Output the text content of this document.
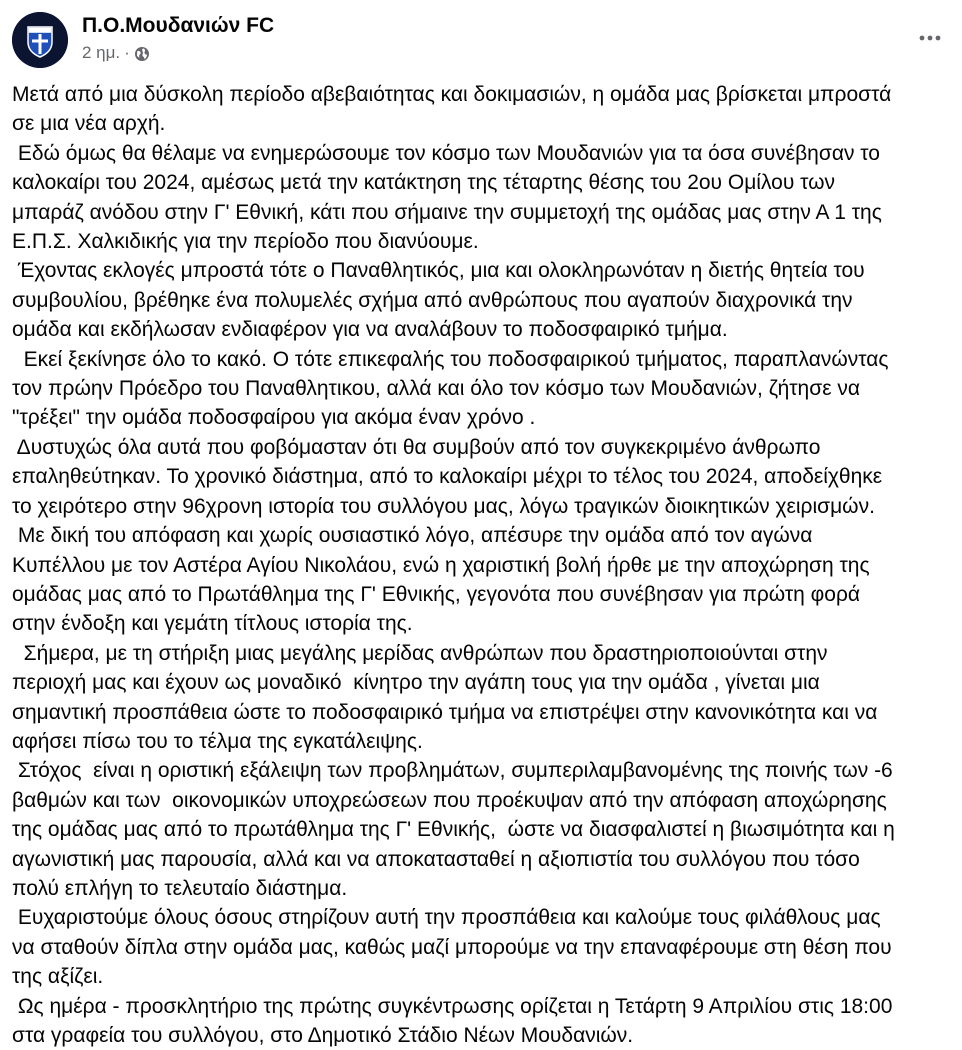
Π.Ο.Μουδανιών FC
2 ημ. ·

Μετά από μια δύσκολη περίοδο αβεβαιότητας και δοκιμασιών, η ομάδα μας βρίσκεται μπροστά

σε μια νέα αρχή.

Εδώ όμως θα θέλαμε να ενημερώσουμε τον κόσμο των Μουδανιών για τα όσα συνέβησαν το

καλοκαίρι του 2024, αμέσως μετά την κατάκτηση της τέταρτης θέσης του 2ου Ομίλου των

μπαράζ ανόδου στην Γ' Εθνική, κάτι που σήμαινε την συμμετοχή της ομάδας μας στην Α 1 της

Ε.Π.Σ. Χαλκιδικής για την περίοδο που διανύουμε.

Έχοντας εκλογές μπροστά τότε ο Παναθλητικός, μια και ολοκληρωνόταν η διετής θητεία του

συμβουλίου, βρέθηκε ένα πολυμελές σχήμα από ανθρώπους που αγαπούν διαχρονικά την

ομάδα και εκδήλωσαν ενδιαφέρον για να αναλάβουν το ποδοσφαιρικό τμήμα.

Εκεί ξεκίνησε όλο το κακό. Ο τότε επικεφαλής του ποδοσφαιρικού τμήματος, παραπλανώντας

τον πρώην Πρόεδρο του Παναθλητικου, αλλά και όλο τον κόσμο των Μουδανιών, ζήτησε να

"τρέξει" την ομάδα ποδοσφαίρου για ακόμα έναν χρόνο .

Δυστυχώς όλα αυτά που φοβόμασταν ότι θα συμβούν από τον συγκεκριμένο άνθρωπο

επαληθεύτηκαν. Το χρονικό διάστημα, από το καλοκαίρι μέχρι το τέλος του 2024, αποδείχθηκε

το χειρότερο στην 96χρονη ιστορία του συλλόγου μας, λόγω τραγικών διοικητικών χειρισμών.

Με δική του απόφαση και χωρίς ουσιαστικό λόγο, απέσυρε την ομάδα από τον αγώνα

Κυπέλλου με τον Αστέρα Αγίου Νικολάου, ενώ η χαριστική βολή ήρθε με την αποχώρηση της

ομάδας μας από το Πρωτάθλημα της Γ' Εθνικής, γεγονότα που συνέβησαν για πρώτη φορά

στην ένδοξη και γεμάτη τίτλους ιστορία της.

Σήμερα, με τη στήριξη μιας μεγάλης μερίδας ανθρώπων που δραστηριοποιούνται στην

περιοχή μας και έχουν ως μοναδικό  κίνητρο την αγάπη τους για την ομάδα , γίνεται μια

σημαντική προσπάθεια ώστε το ποδοσφαιρικό τμήμα να επιστρέψει στην κανονικότητα και να

αφήσει πίσω του το τέλμα της εγκατάλειψης.

Στόχος  είναι η οριστική εξάλειψη των προβλημάτων, συμπεριλαμβανομένης της ποινής των -6

βαθμών και των  οικονομικών υποχρεώσεων που προέκυψαν από την απόφαση αποχώρησης

της ομάδας μας από το πρωτάθλημα της Γ' Εθνικής,  ώστε να διασφαλιστεί η βιωσιμότητα και η

αγωνιστική μας παρουσία, αλλά και να αποκατασταθεί η αξιοπιστία του συλλόγου που τόσο

πολύ επλήγη το τελευταίο διάστημα.

Ευχαριστούμε όλους όσους στηρίζουν αυτή την προσπάθεια και καλούμε τους φιλάθλους μας

να σταθούν δίπλα στην ομάδα μας, καθώς μαζί μπορούμε να την επαναφέρουμε στη θέση που

της αξίζει.

Ως ημέρα - προσκλητήριο της πρώτης συγκέντρωσης ορίζεται η Τετάρτη 9 Απριλίου στις 18:00

στα γραφεία του συλλόγου, στο Δημοτικό Στάδιο Νέων Μουδανιών.
